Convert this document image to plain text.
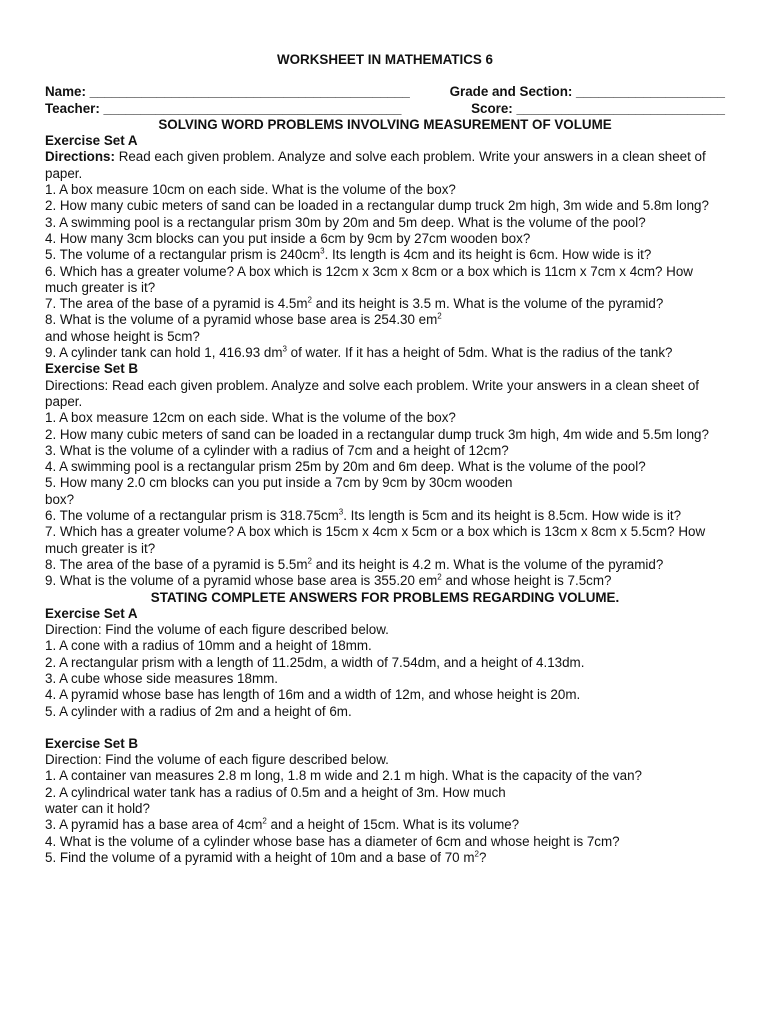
WORKSHEET IN MATHEMATICS 6
Name: ___________________________________________	Grade and Section: ____________________
Teacher: ________________________________________	Score: ____________________________
SOLVING WORD PROBLEMS INVOLVING MEASUREMENT OF VOLUME
Exercise Set A
Directions: Read each given problem. Analyze and solve each problem. Write your answers in a clean sheet of paper.
1. A box measure 10cm on each side. What is the volume of the box?
2. How many cubic meters of sand can be loaded in a rectangular dump truck 2m high, 3m wide and 5.8m long?
3. A swimming pool is a rectangular prism 30m by 20m and 5m deep. What is the volume of the pool?
4. How many 3cm blocks can you put inside a 6cm by 9cm by 27cm wooden box?
5. The volume of a rectangular prism is $240cm^3$. Its length is 4cm and its height is 6cm. How wide is it?
6. Which has a greater volume? A box which is 12cm x 3cm x 8cm or a box which is 11cm x 7cm x 4cm? How much greater is it?
7. The area of the base of a pyramid is $4.5m^2$ and its height is 3.5 m. What is the volume of the pyramid?
8. What is the volume of a pyramid whose base area is 254.30 $em^2$
and whose height is 5cm?
9. A cylinder tank can hold 1, 416.93 $dm^3$ of water. If it has a height of 5dm. What is the radius of the tank?
Exercise Set B
Directions: Read each given problem. Analyze and solve each problem. Write your answers in a clean sheet of paper.
1. A box measure 12cm on each side. What is the volume of the box?
2. How many cubic meters of sand can be loaded in a rectangular dump truck 3m high, 4m wide and 5.5m long?
3. What is the volume of a cylinder with a radius of 7cm and a height of 12cm?
4. A swimming pool is a rectangular prism 25m by 20m and 6m deep. What is the volume of the pool?
5. How many 2.0 cm blocks can you put inside a 7cm by 9cm by 30cm wooden
box?
6. The volume of a rectangular prism is $318.75cm^3$. Its length is 5cm and its height is 8.5cm. How wide is it?
7. Which has a greater volume? A box which is 15cm x 4cm x 5cm or a box which is 13cm x 8cm x 5.5cm? How much greater is it?
8. The area of the base of a pyramid is $5.5m^2$ and its height is 4.2 m. What is the volume of the pyramid?
9. What is the volume of a pyramid whose base area is 355.20 $em^2$ and whose height is 7.5cm?
STATING COMPLETE ANSWERS FOR PROBLEMS REGARDING VOLUME.
Exercise Set A
Direction: Find the volume of each figure described below.
1. A cone with a radius of 10mm and a height of 18mm.
2. A rectangular prism with a length of 11.25dm, a width of 7.54dm, and a height of 4.13dm.
3. A cube whose side measures 18mm.
4. A pyramid whose base has length of 16m and a width of 12m, and whose height is 20m.
5. A cylinder with a radius of 2m and a height of 6m.
Exercise Set B
Direction: Find the volume of each figure described below.
1. A container van measures 2.8 m long, 1.8 m wide and 2.1 m high. What is the capacity of the van?
2. A cylindrical water tank has a radius of 0.5m and a height of 3m. How much
water can it hold?
3. A pyramid has a base area of $4cm^2$ and a height of 15cm. What is its volume?
4. What is the volume of a cylinder whose base has a diameter of 6cm and whose height is 7cm?
5. Find the volume of a pyramid with a height of 10m and a base of 70 $m^2$?
